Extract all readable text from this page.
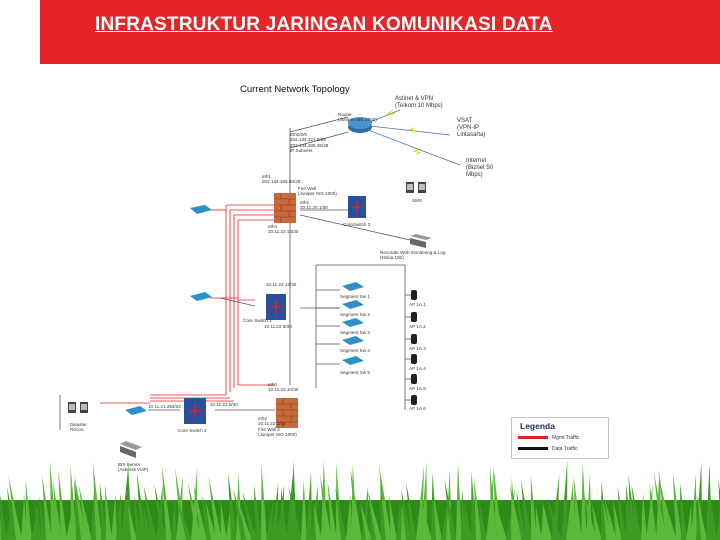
INFRASTRUKTUR JARINGAN KOMUNIKASI DATA
Current Network Topology
Router
(Juniper ISG 1000)
Eth0/0/0
202.134.227.0/28
202.134.185.48/28
IP Subnets
Astinet & VPN
(Telkom 10 Mbps)
VSAT
(VPN-IP
Lintasarta)
Internet
(Biznet 50
Mbps)
eth1
202.134.185.50/28
Fire Wall
(Juniper ISG 1000)
eth2
10.11.20.1/30
eth3
10.11.22.14/30
CorpSwitch 3
SMS
Recorder Web monitoring & Log
(Nokia 192)
10.11.22.13/30
Core Switch 1
10.11.22.9/30
Segment Sw 1
Segment Sw 2
Segment Sw 3
Segment Sw 4
Segment Sw 5
AP 1A.1
AP 1A.2
AP 1A.3
AP 1A.4
AP 1A.5
AP 1A.6
eth0
10.11.22.10/30
10.11.22.5/30
Core Switch 2
eth2
10.11.22.1/30
Fire Wall 2
(Juniper ISG 1000)
10.11.21.253/24
Disaster
Recov.
IBS Server
(Asterisk VoIP)
Legenda
Mgmt Traffic
Data Traffic
